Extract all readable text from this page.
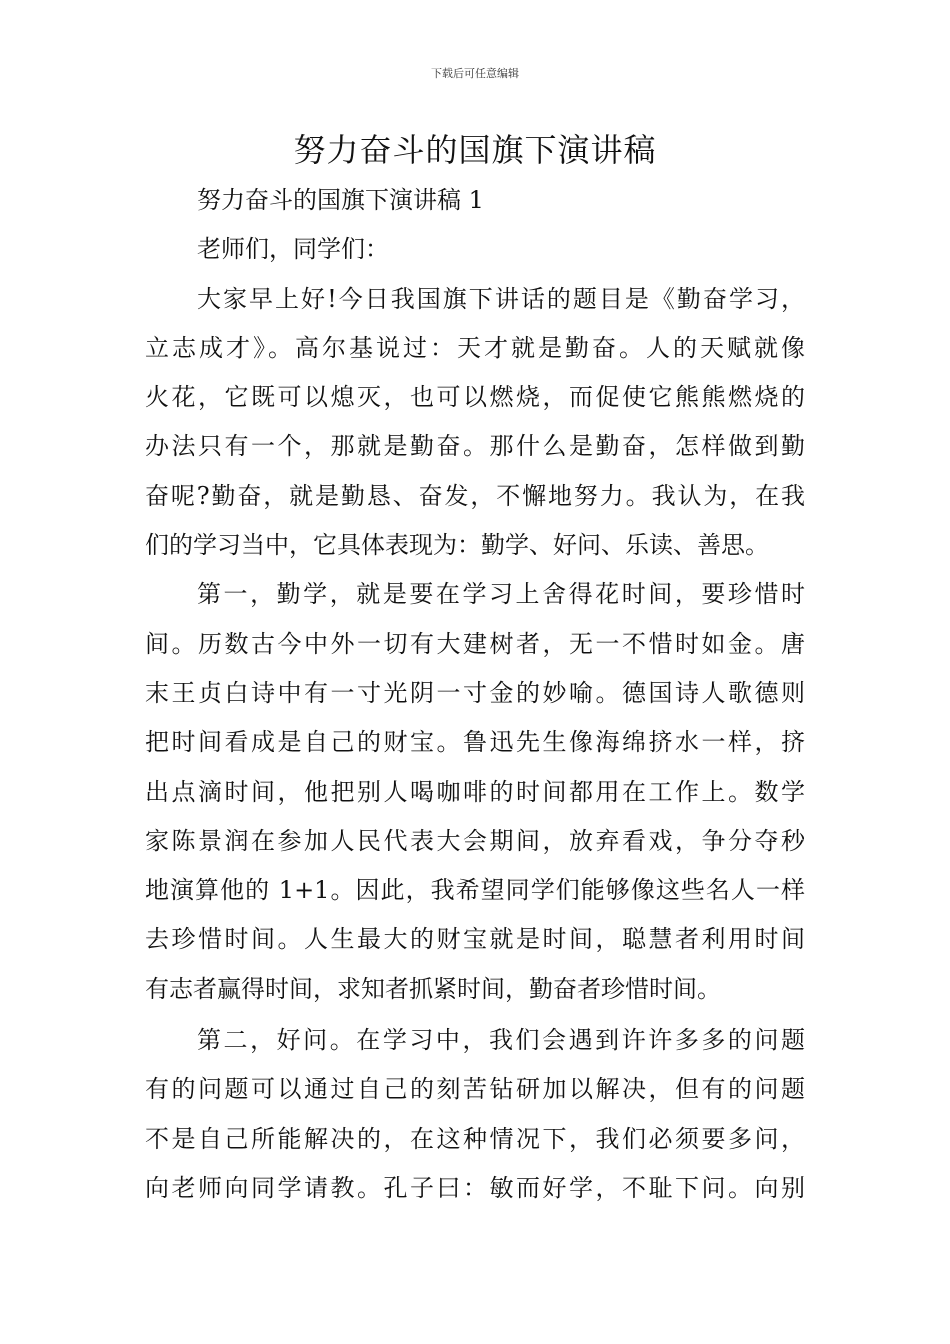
下载后可任意编辑
努力奋斗的国旗下演讲稿
努力奋斗的国旗下演讲稿 1
老师们，同学们：
大家早上好!今日我国旗下讲话的题目是《勤奋学习，
立志成才》。高尔基说过：天才就是勤奋。人的天赋就像
火花，它既可以熄灭，也可以燃烧，而促使它熊熊燃烧的
办法只有一个，那就是勤奋。那什么是勤奋，怎样做到勤
奋呢?勤奋，就是勤恳、奋发，不懈地努力。我认为，在我
们的学习当中，它具体表现为：勤学、好问、乐读、善思。
第一，勤学，就是要在学习上舍得花时间，要珍惜时
间。历数古今中外一切有大建树者，无一不惜时如金。唐
末王贞白诗中有一寸光阴一寸金的妙喻。德国诗人歌德则
把时间看成是自己的财宝。鲁迅先生像海绵挤水一样，挤
出点滴时间，他把别人喝咖啡的时间都用在工作上。数学
家陈景润在参加人民代表大会期间，放弃看戏，争分夺秒
地演算他的 1+1。因此，我希望同学们能够像这些名人一样
去珍惜时间。人生最大的财宝就是时间，聪慧者利用时间
有志者赢得时间，求知者抓紧时间，勤奋者珍惜时间。
第二，好问。在学习中，我们会遇到许许多多的问题
有的问题可以通过自己的刻苦钻研加以解决，但有的问题
不是自己所能解决的，在这种情况下，我们必须要多问，
向老师向同学请教。孔子曰：敏而好学，不耻下问。向别
